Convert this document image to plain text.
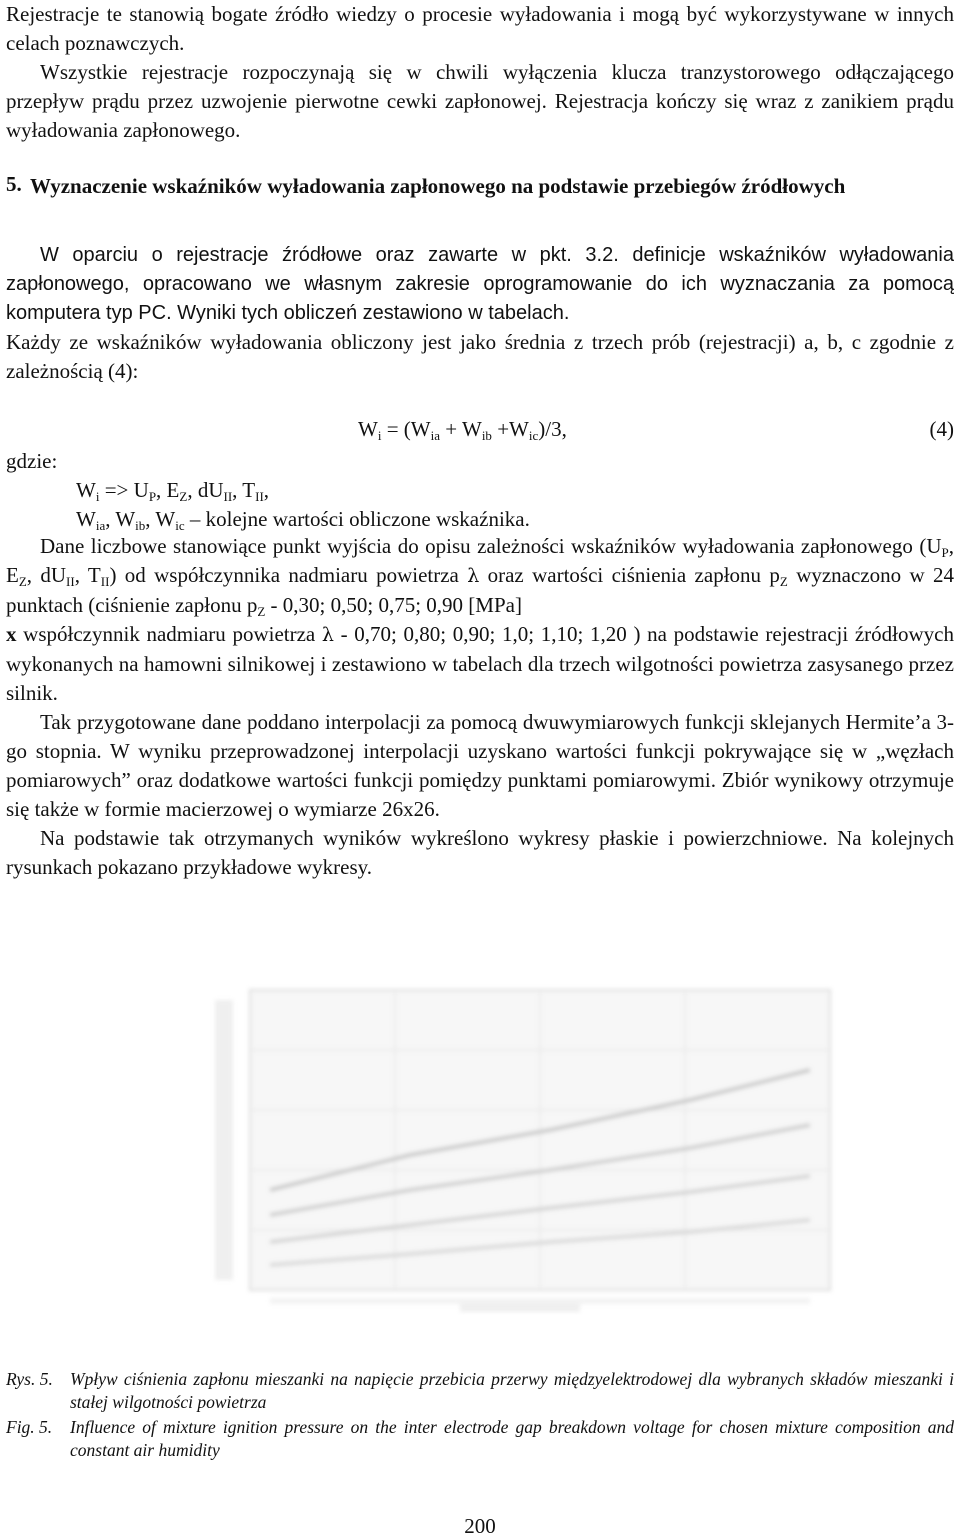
Rejestracje te stanowią bogate źródło wiedzy o procesie wyładowania i mogą być wykorzystywane w innych celach poznawczych.

Wszystkie rejestracje rozpoczynają się w chwili wyłączenia klucza tranzystorowego odłączającego przepływ prądu przez uzwojenie pierwotne cewki zapłonowej. Rejestracja kończy się wraz z zanikiem prądu wyładowania zapłonowego.

5. Wyznaczenie wskaźników wyładowania zapłonowego na podstawie przebiegów źródłowych

W oparciu o rejestracje źródłowe oraz zawarte w pkt. 3.2. definicje wskaźników wyładowania zapłonowego, opracowano we własnym zakresie oprogramowanie do ich wyznaczania za pomocą komputera typ PC. Wyniki tych obliczeń zestawiono w tabelach.

Każdy ze wskaźników wyładowania obliczony jest jako średnia z trzech prób (rejestracji) a, b, c zgodnie z zależnością (4):

$W_i = (W_{ia} + W_{ib} +W_{ic})/3$,	(4)

gdzie:

$W_i => U_P$, $E_Z$, $dU_{II}$, $T_{II}$,
$W_{ia}$, $W_{ib}$, $W_{ic}$ – kolejne wartości obliczone wskaźnika.

Dane liczbowe stanowiące punkt wyjścia do opisu zależności wskaźników wyładowania zapłonowego ($U_P$, $E_Z$, $dU_{II}$, $T_{II}$) od współczynnika nadmiaru powietrza λ oraz wartości ciśnienia zapłonu $p_Z$ wyznaczono w 24 punktach (ciśnienie zapłonu $p_Z - 0,30$; 0,50; 0,75; 0,90 [MPa]

x współczynnik nadmiaru powietrza λ - 0,70; 0,80; 0,90; 1,0; 1,10; 1,20 ) na podstawie rejestracji źródłowych wykonanych na hamowni silnikowej i zestawiono w tabelach dla trzech wilgotności powietrza zasysanego przez silnik.

Tak przygotowane dane poddano interpolacji za pomocą dwuwymiarowych funkcji sklejanych Hermite’a 3-go stopnia. W wyniku przeprowadzonej interpolacji uzyskano wartości funkcji pokrywające się w „węzłach pomiarowych” oraz dodatkowe wartości funkcji pomiędzy punktami pomiarowymi. Zbiór wynikowy otrzymuje się także w formie macierzowej o wymiarze 26x26.

Na podstawie tak otrzymanych wyników wykreślono wykresy płaskie i powierzchniowe. Na kolejnych rysunkach pokazano przykładowe wykresy.

Rys. 5. Wpływ ciśnienia zapłonu mieszanki na napięcie przebicia przerwy międzyelektrodowej dla wybranych składów mieszanki i stałej wilgotności powietrza
Fig. 5.	Influence of mixture ignition pressure on the inter electrode gap breakdown voltage for chosen mixture composition and constant air humidity
200
